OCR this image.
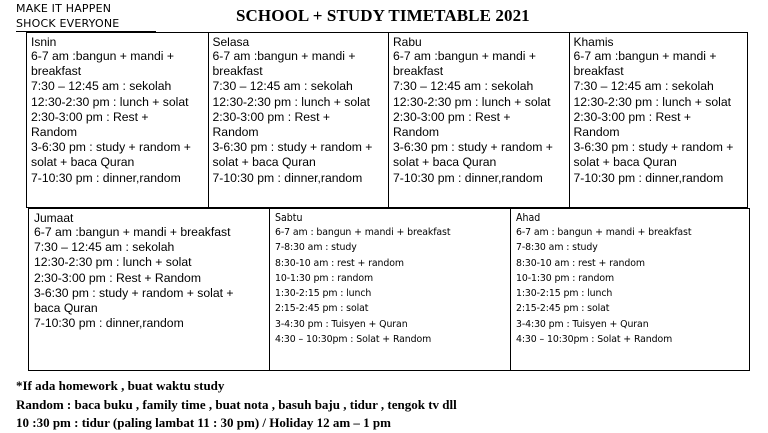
MAKE IT HAPPEN
SHOCK EVERYONE	SCHOOL + STUDY TIMETABLE 2021
Isnin
6-7 am :bangun + mandi +
breakfast
7:30 – 12:45 am : sekolah
12:30-2:30 pm : lunch + solat
2:30-3:00 pm : Rest +
Random
3-6:30 pm : study + random +
solat + baca Quran
7-10:30 pm : dinner,random
Selasa
6-7 am :bangun + mandi +
breakfast
7:30 – 12:45 am : sekolah
12:30-2:30 pm : lunch + solat
2:30-3:00 pm : Rest +
Random
3-6:30 pm : study + random +
solat + baca Quran
7-10:30 pm : dinner,random
Rabu
6-7 am :bangun + mandi +
breakfast
7:30 – 12:45 am : sekolah
12:30-2:30 pm : lunch + solat
2:30-3:00 pm : Rest +
Random
3-6:30 pm : study + random +
solat + baca Quran
7-10:30 pm : dinner,random
Khamis
6-7 am :bangun + mandi +
breakfast
7:30 – 12:45 am : sekolah
12:30-2:30 pm : lunch + solat
2:30-3:00 pm : Rest +
Random
3-6:30 pm : study + random +
solat + baca Quran
7-10:30 pm : dinner,random
Jumaat
6-7 am :bangun + mandi + breakfast
7:30 – 12:45 am : sekolah
12:30-2:30 pm : lunch + solat
2:30-3:00 pm : Rest + Random
3-6:30 pm : study + random + solat +
baca Quran
7-10:30 pm : dinner,random
Sabtu
6-7 am : bangun + mandi + breakfast
7-8:30 am : study
8:30-10 am : rest + random
10-1:30 pm : random
1:30-2:15 pm : lunch
2:15-2:45 pm : solat
3-4:30 pm : Tuisyen + Quran
4:30 – 10:30pm : Solat + Random
Ahad
6-7 am : bangun + mandi + breakfast
7-8:30 am : study
8:30-10 am : rest + random
10-1:30 pm : random
1:30-2:15 pm : lunch
2:15-2:45 pm : solat
3-4:30 pm : Tuisyen + Quran
4:30 – 10:30pm : Solat + Random
*If ada homework , buat waktu study
Random : baca buku , family time , buat nota , basuh baju , tidur , tengok tv dll
10 :30 pm : tidur (paling lambat 11 : 30 pm) / Holiday 12 am – 1 pm
